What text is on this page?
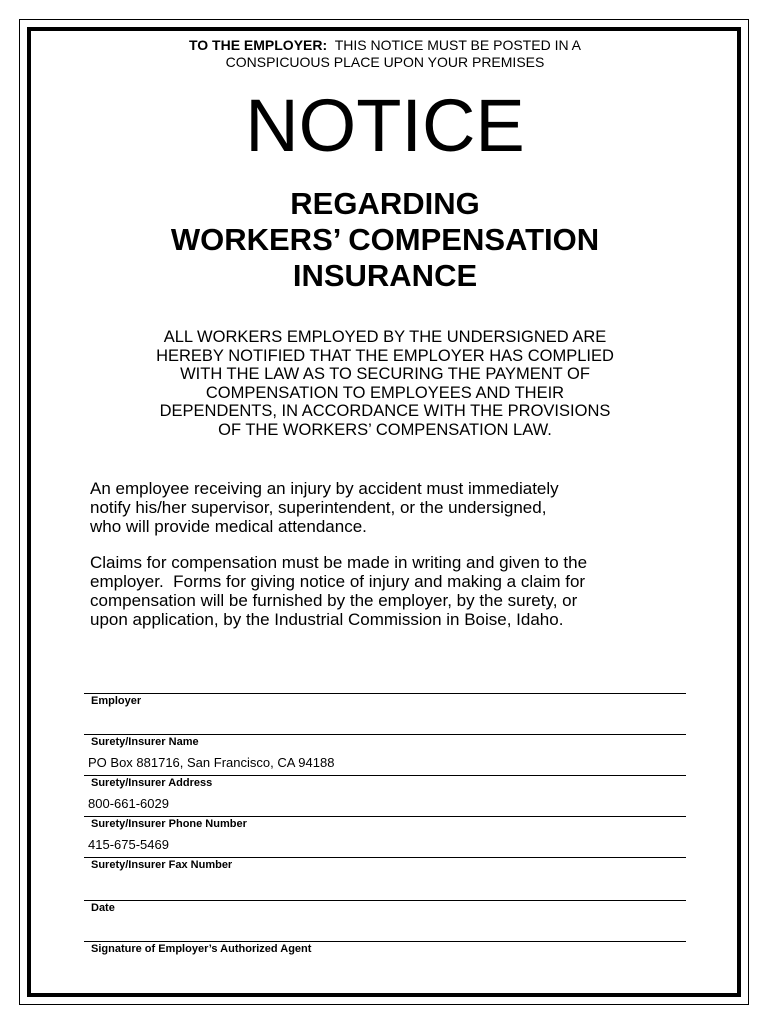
TO THE EMPLOYER: THIS NOTICE MUST BE POSTED IN A
CONSPICUOUS PLACE UPON YOUR PREMISES
NOTICE
REGARDING
WORKERS’ COMPENSATION
INSURANCE
ALL WORKERS EMPLOYED BY THE UNDERSIGNED ARE
HEREBY NOTIFIED THAT THE EMPLOYER HAS COMPLIED
WITH THE LAW AS TO SECURING THE PAYMENT OF
COMPENSATION TO EMPLOYEES AND THEIR
DEPENDENTS, IN ACCORDANCE WITH THE PROVISIONS
OF THE WORKERS’ COMPENSATION LAW.
An employee receiving an injury by accident must immediately
notify his/her supervisor, superintendent, or the undersigned,
who will provide medical attendance.
Claims for compensation must be made in writing and given to the
employer.  Forms for giving notice of injury and making a claim for
compensation will be furnished by the employer, by the surety, or
upon application, by the Industrial Commission in Boise, Idaho.
Employer
Surety/Insurer Name
PO Box 881716, San Francisco, CA 94188
Surety/Insurer Address
800-661-6029
Surety/Insurer Phone Number
415-675-5469
Surety/Insurer Fax Number
Date
Signature of Employer’s Authorized Agent
